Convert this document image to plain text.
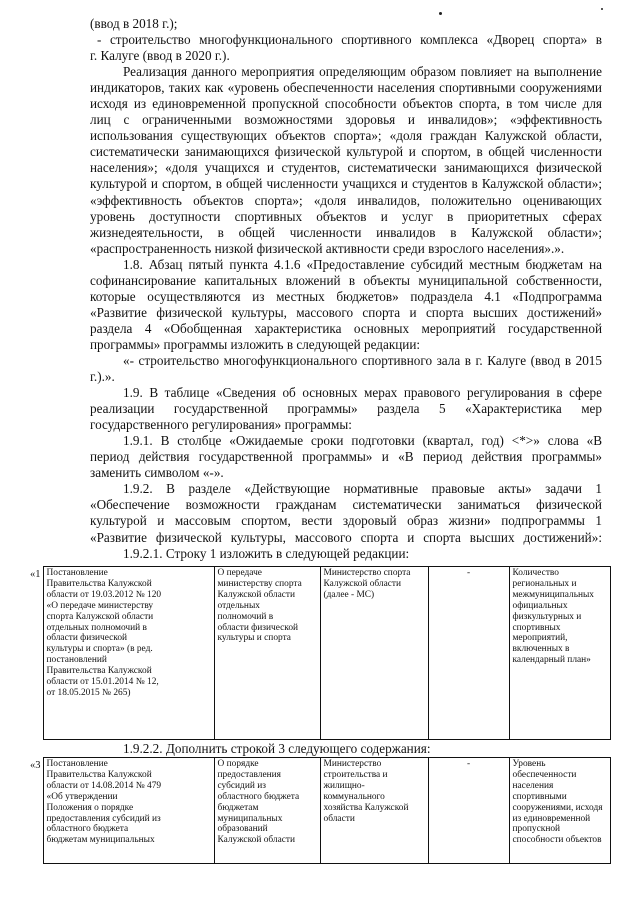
(ввод в 2018 г.);
- строительство многофункционального спортивного комплекса «Дворец спорта» в
г. Калуге (ввод в 2020 г.).
Реализация данного мероприятия определяющим образом повлияет на выполнение
индикаторов, таких как «уровень обеспеченности населения спортивными сооружениями
исходя из единовременной пропускной способности объектов спорта, в том числе для
лиц с ограниченными возможностями здоровья и инвалидов»; «эффективность
использования существующих объектов спорта»; «доля граждан Калужской области,
систематически занимающихся физической культурой и спортом, в общей численности
населения»; «доля учащихся и студентов, систематически занимающихся физической
культурой и спортом, в общей численности учащихся и студентов в Калужской области»;
«эффективность объектов спорта»; «доля инвалидов, положительно оценивающих
уровень доступности спортивных объектов и услуг в приоритетных сферах
жизнедеятельности, в общей численности инвалидов в Калужской области»;
«распространенность низкой физической активности среди взрослого населения».».
1.8. Абзац пятый пункта 4.1.6 «Предоставление субсидий местным бюджетам на
софинансирование капитальных вложений в объекты муниципальной собственности,
которые осуществляются из местных бюджетов» подраздела 4.1 «Подпрограмма
«Развитие физической культуры, массового спорта и спорта высших достижений»
раздела 4 «Обобщенная характеристика основных мероприятий государственной
программы» программы изложить в следующей редакции:
«- строительство многофункционального спортивного зала в г. Калуге (ввод в 2015
г.).».
1.9. В таблице «Сведения об основных мерах правового регулирования в сфере
реализации государственной программы» раздела 5 «Характеристика мер
государственного регулирования» программы:
1.9.1. В столбце «Ожидаемые сроки подготовки (квартал, год) <*>» слова «В
период действия государственной программы» и «В период действия программы»
заменить символом «-».
1.9.2. В разделе «Действующие нормативные правовые акты» задачи 1
«Обеспечение возможности гражданам систематически заниматься физической
культурой и массовым спортом, вести здоровый образ жизни» подпрограммы 1
«Развитие физической культуры, массового спорта и спорта высших достижений»:
1.9.2.1. Строку 1 изложить в следующей редакции:
«1	Постановление
Правительства Калужской
области от 19.03.2012 № 120
«О передаче министерству
спорта Калужской области
отдельных полномочий в
области физической
культуры и спорта» (в ред.
постановлений
Правительства Калужской
области от 15.01.2014 № 12,
от 18.05.2015 № 265)

О передаче
министерству спорта
Калужской области
отдельных
полномочий в
области физической
культуры и спорта

Министерство спорта
Калужской области
(далее - МС)

-	Количество
региональных и
межмуниципальных
официальных
физкультурных и
спортивных
мероприятий,
включенных в
календарный план»
1.9.2.2. Дополнить строкой 3 следующего содержания:
«3	Постановление
Правительства Калужской
области от 14.08.2014 № 479
«Об утверждении
Положения о порядке
предоставления субсидий из
областного бюджета
бюджетам муниципальных

О порядке
предоставления
субсидий из
областного бюджета
бюджетам
муниципальных
образований
Калужской области

Министерство
строительства и
жилищно-
коммунального
хозяйства Калужской
области

-	Уровень
обеспеченности
населения
спортивными
сооружениями, исходя
из единовременной
пропускной
способности объектов
